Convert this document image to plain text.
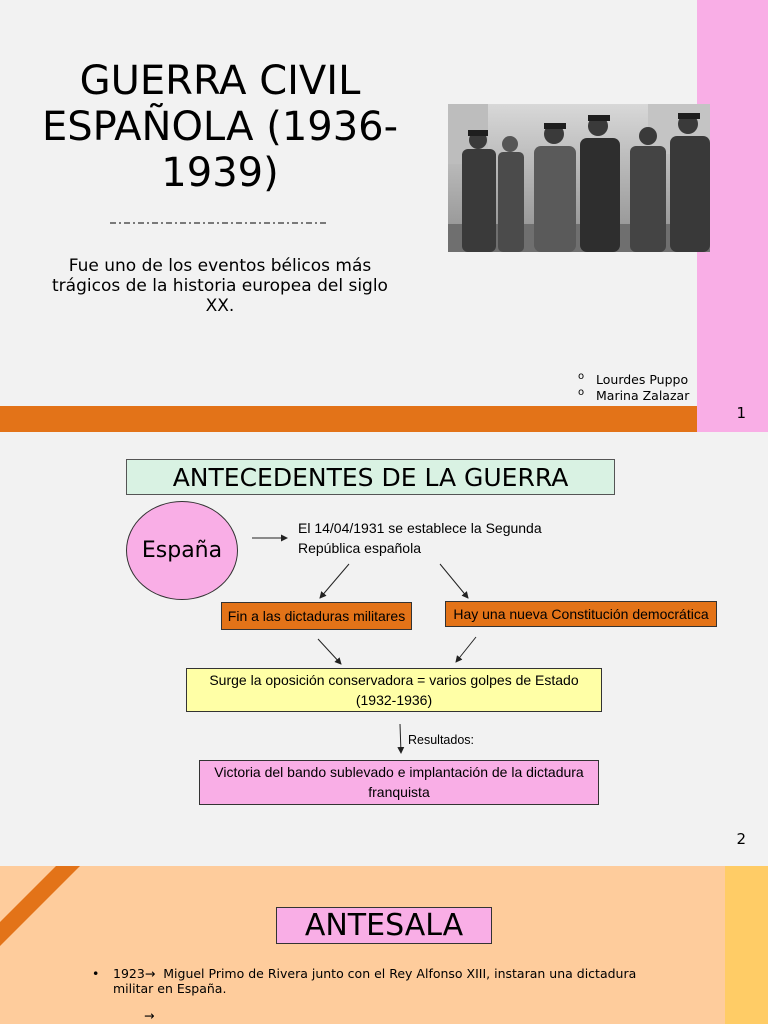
GUERRA CIVIL ESPAÑOLA (1936-1939)

Fue uno de los eventos bélicos más trágicos de la historia europea del siglo XX.

o Lourdes Puppo
o Marina Zalazar
1
ANTECEDENTES DE LA GUERRA
España
El 14/04/1931 se establece la Segunda
República española
Fin a las dictaduras militares	Hay una nueva Constitución democrática
Surge la oposición conservadora = varios golpes de Estado
(1932-1936)
Resultados:
Victoria del bando sublevado e implantación de la dictadura
franquista
2
ANTESALA
• 1923→ Miguel Primo de Rivera junto con el Rey Alfonso XIII, instaran una dictadura militar en España.
→
